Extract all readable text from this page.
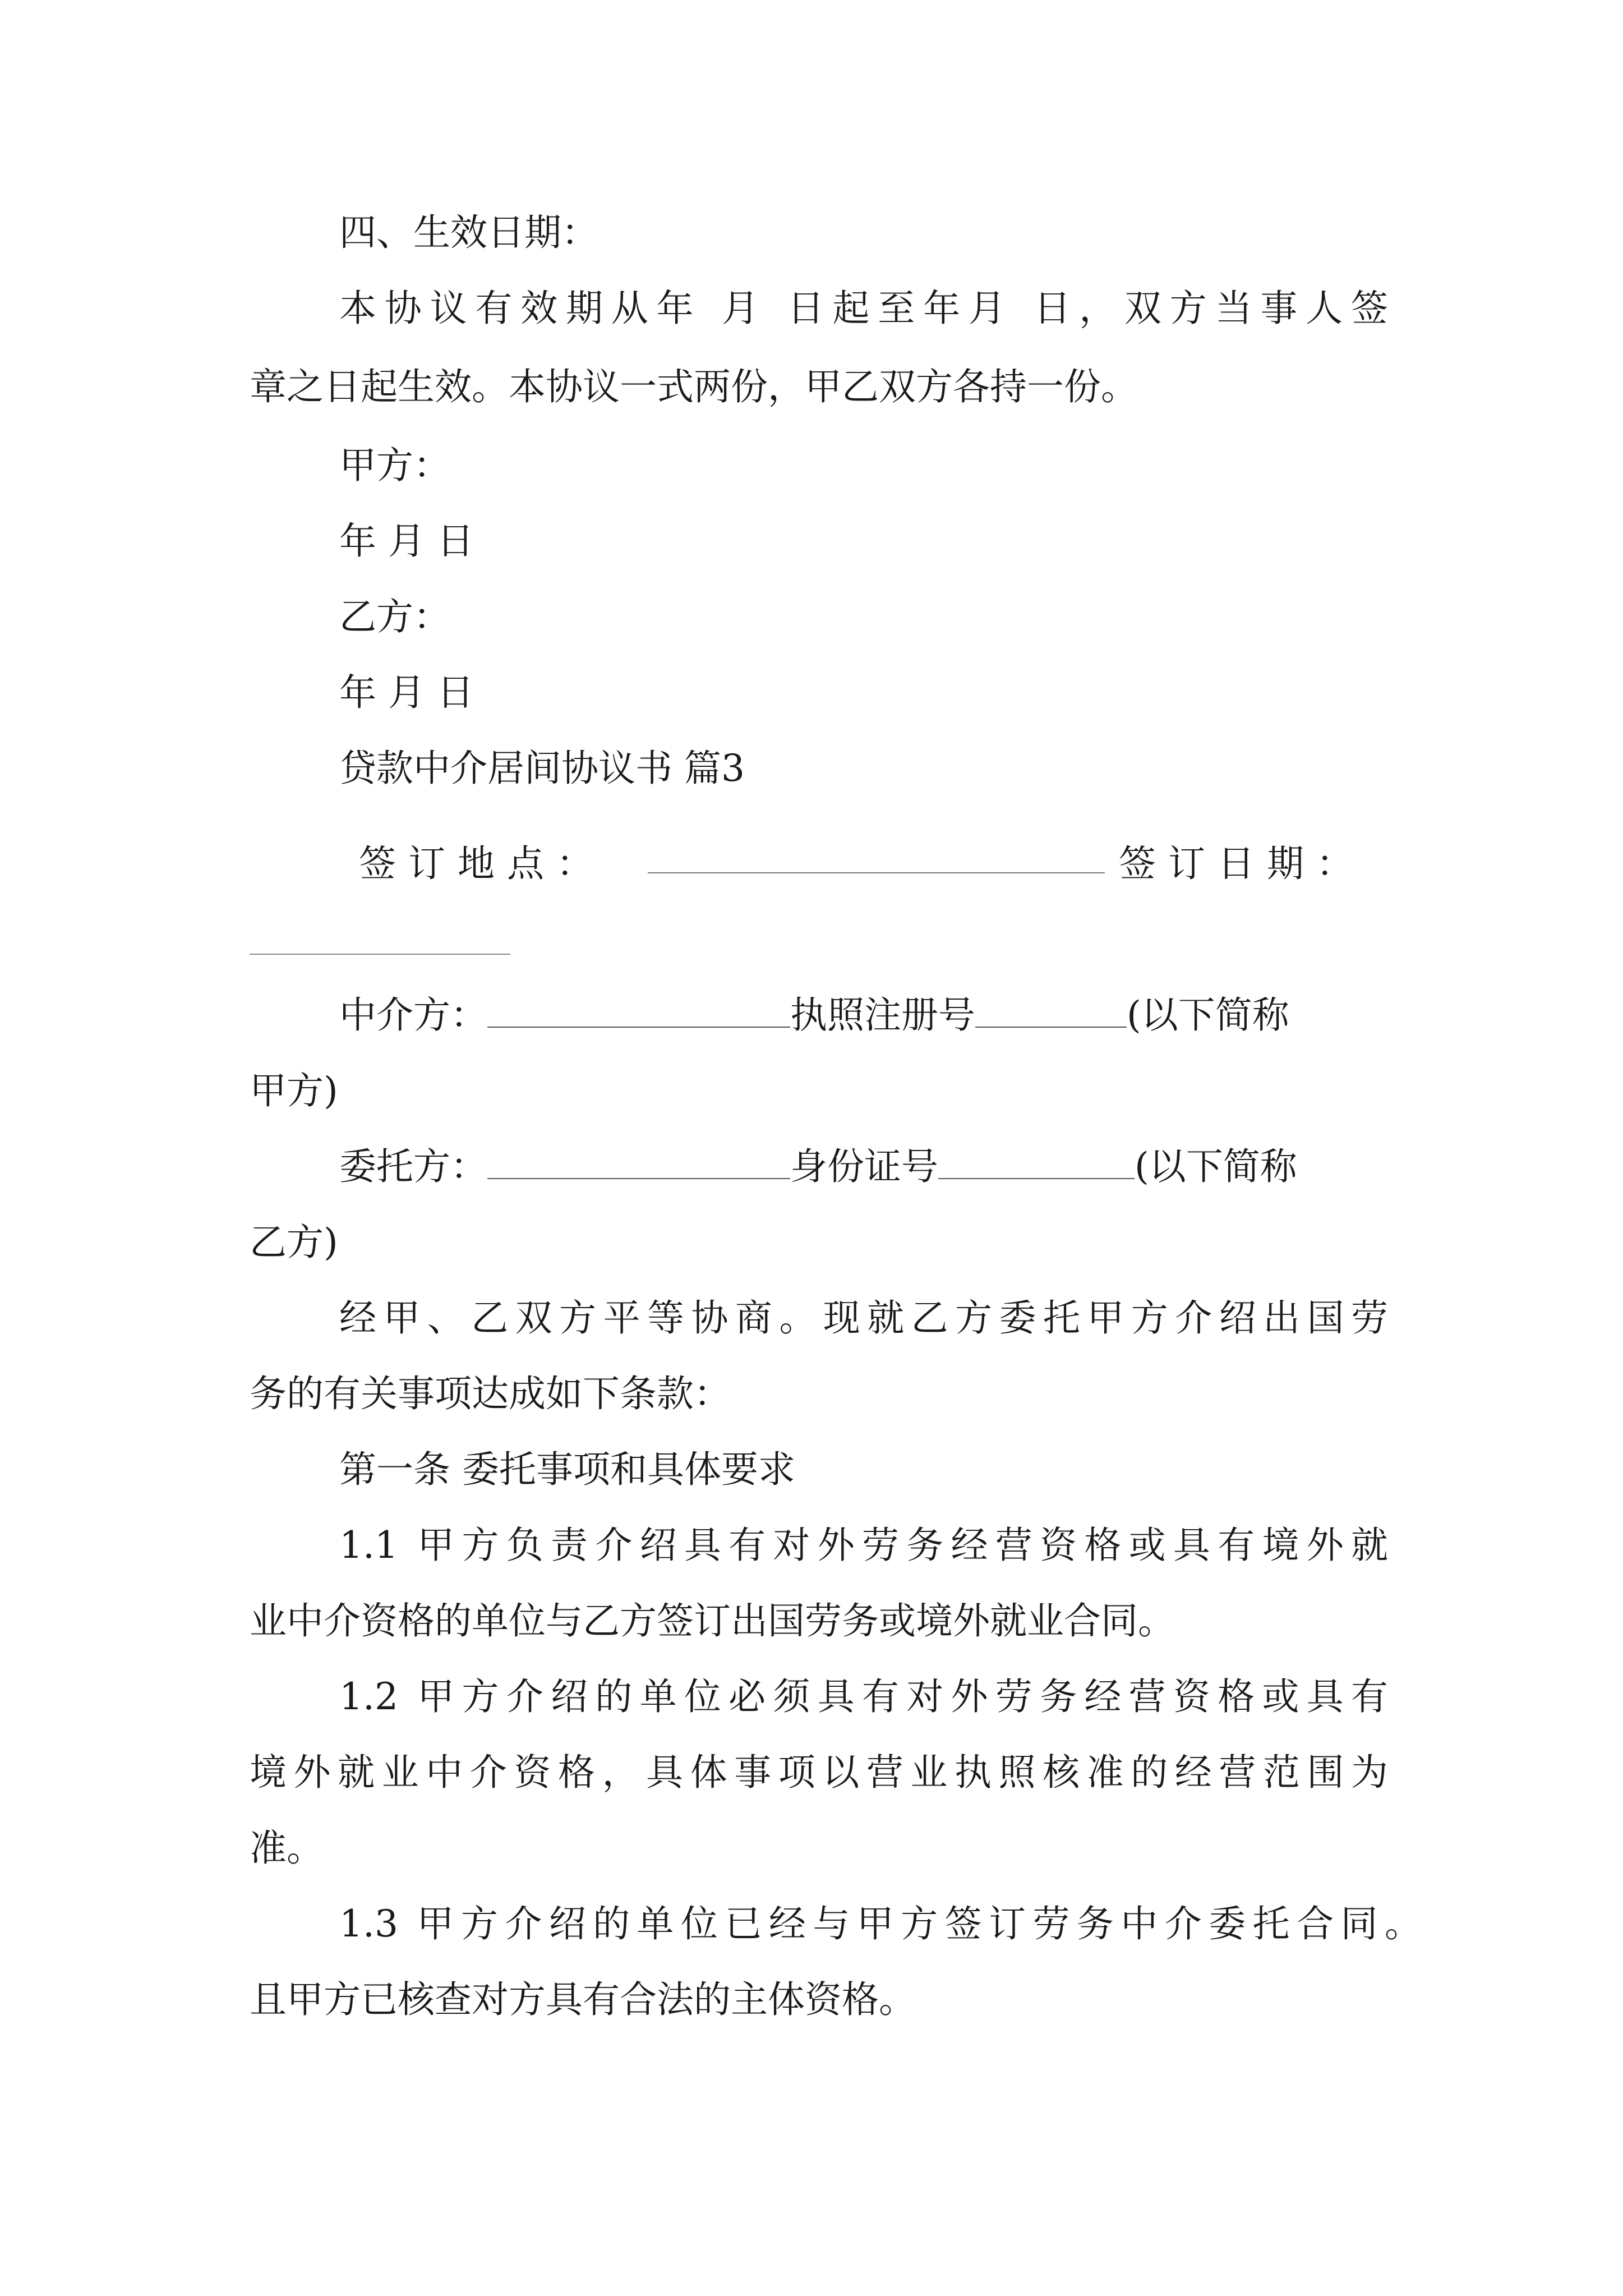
四、生效日期：
本协议有效期从年 月 日起至年月 日，双方当事人签
章之日起生效。本协议一式两份，甲乙双方各持一份。
甲方：
年 月 日
乙方：
年 月 日
贷款中介居间协议书 篇3
签订地点：	签订日期：
中介方：	执照注册号	(以下简称
甲方)
委托方：	身份证号	(以下简称
乙方)
经甲、乙双方平等协商。现就乙方委托甲方介绍出国劳
务的有关事项达成如下条款：
第一条 委托事项和具体要求
1.1 甲方负责介绍具有对外劳务经营资格或具有境外就
业中介资格的单位与乙方签订出国劳务或境外就业合同。
1.2 甲方介绍的单位必须具有对外劳务经营资格或具有
境外就业中介资格，具体事项以营业执照核准的经营范围为
准。
1.3 甲方介绍的单位已经与甲方签订劳务中介委托合同。
且甲方已核查对方具有合法的主体资格。
